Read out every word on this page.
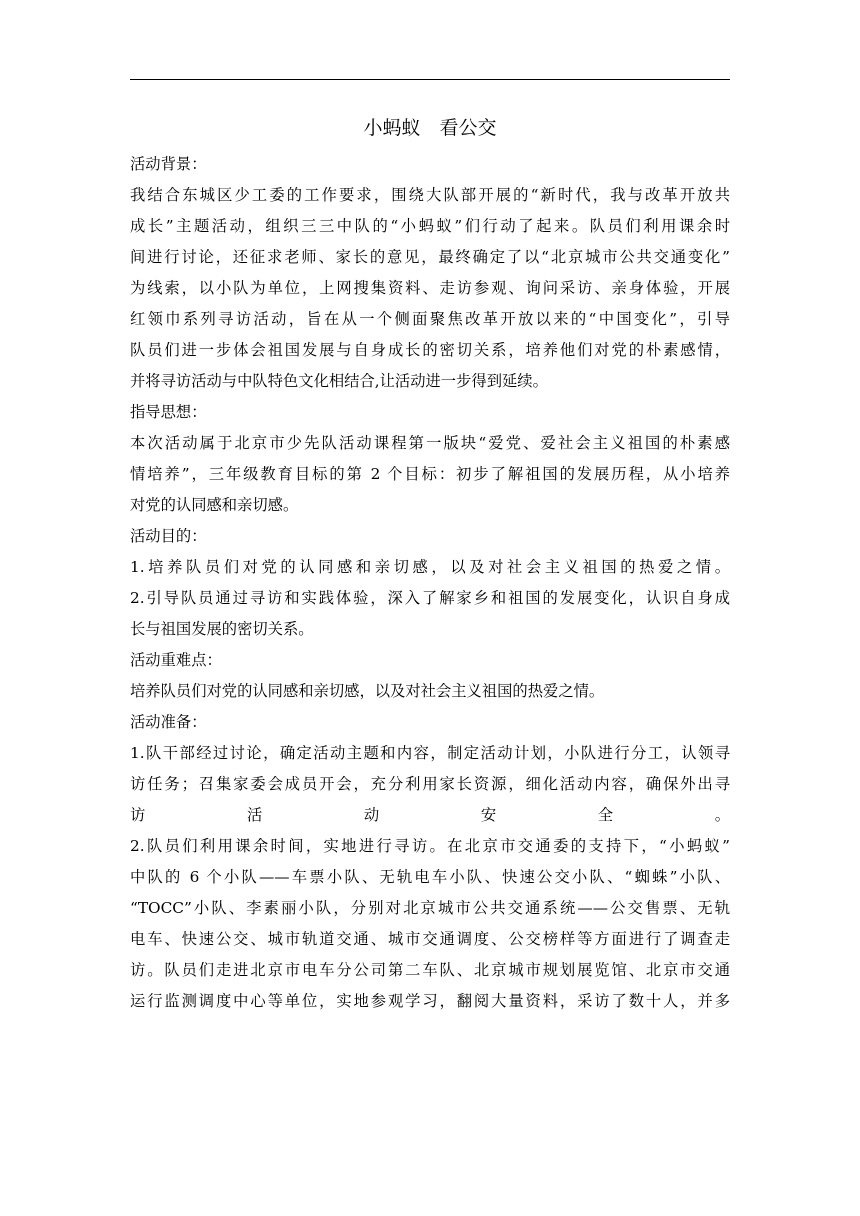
小蚂蚁　看公交
活动背景：

我结合东城区少工委的工作要求，围绕大队部开展的“新时代，我与改革开放共
成长”主题活动，组织三三中队的“小蚂蚁”们行动了起来。队员们利用课余时
间进行讨论，还征求老师、家长的意见，最终确定了以“北京城市公共交通变化”
为线索，以小队为单位，上网搜集资料、走访参观、询问采访、亲身体验，开展
红领巾系列寻访活动，旨在从一个侧面聚焦改革开放以来的“中国变化”，引导
队员们进一步体会祖国发展与自身成长的密切关系，培养他们对党的朴素感情，
并将寻访活动与中队特色文化相结合,让活动进一步得到延续。

指导思想：

本次活动属于北京市少先队活动课程第一版块“爱党、爱社会主义祖国的朴素感
情培养”，三年级教育目标的第 2 个目标：初步了解祖国的发展历程，从小培养
对党的认同感和亲切感。

活动目的：

1.培养队员们对党的认同感和亲切感，以及对社会主义祖国的热爱之情。
2.引导队员通过寻访和实践体验，深入了解家乡和祖国的发展变化，认识自身成
长与祖国发展的密切关系。

活动重难点：

培养队员们对党的认同感和亲切感，以及对社会主义祖国的热爱之情。

活动准备：

1.队干部经过讨论，确定活动主题和内容，制定活动计划，小队进行分工，认领寻
访任务；召集家委会成员开会，充分利用家长资源，细化活动内容，确保外出寻
访活动安全。
2.队员们利用课余时间，实地进行寻访。在北京市交通委的支持下，“小蚂蚁”
中队的 6 个小队——车票小队、无轨电车小队、快速公交小队、“蜘蛛”小队、
“TOCC”小队、李素丽小队，分别对北京城市公共交通系统——公交售票、无轨
电车、快速公交、城市轨道交通、城市交通调度、公交榜样等方面进行了调查走
访。队员们走进北京市电车分公司第二车队、北京城市规划展览馆、北京市交通
运行监测调度中心等单位，实地参观学习，翻阅大量资料，采访了数十人，并多
